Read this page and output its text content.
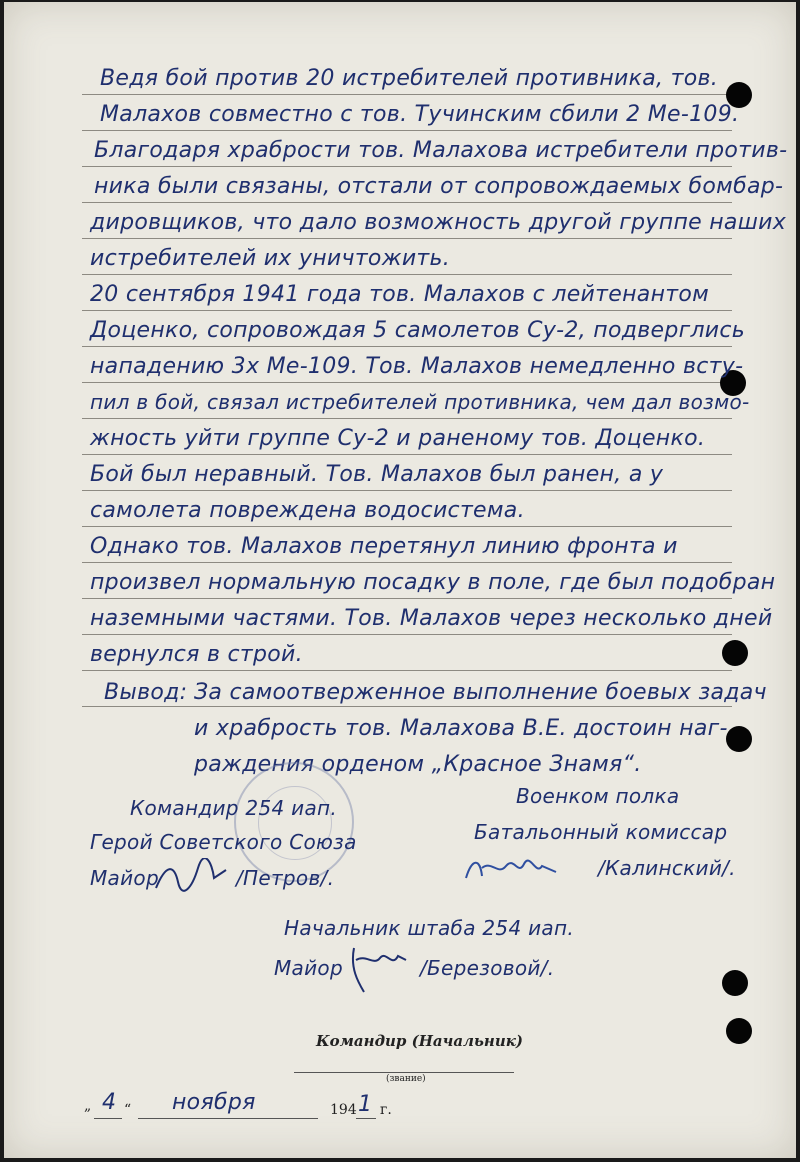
Ведя бой против 20 истребителей противника, тов.
Малахов совместно с тов. Тучинским сбили 2 Ме-109.
Благодаря храбрости тов. Малахова истребители против-
ника были связаны, отстали от сопровождаемых бомбар-
дировщиков, что дало возможность другой группе наших
истребителей их уничтожить.
20 сентября 1941 года тов. Малахов с лейтенантом
Доценко, сопровождая 5 самолетов Су-2, подверглись
нападению 3х Ме-109. Тов. Малахов немедленно всту-
пил в бой, связал истребителей противника, чем дал возмо-
жность уйти группе Су-2 и раненому тов. Доценко.
Бой был неравный. Тов. Малахов был ранен, а у
самолета повреждена водосистема.
Однако тов. Малахов перетянул линию фронта и
произвел нормальную посадку в поле, где был подобран
наземными частями. Тов. Малахов через несколько дней
вернулся в строй.
Вывод: За самоотверженное выполнение боевых задач
и храбрость тов. Малахова В.Е. достоин наг-
раждения орденом „Красное Знамя“.
Командир 254 иап.
Герой Советского Союза
Майор	/Петров/.
Военком полка
Батальонный комиссар
/Калинский/.
Начальник штаба 254 иап.
Майор	/Березовой/.
Командир (Начальник)
(звание)
„ 4 “ ноября	194 1 г.
